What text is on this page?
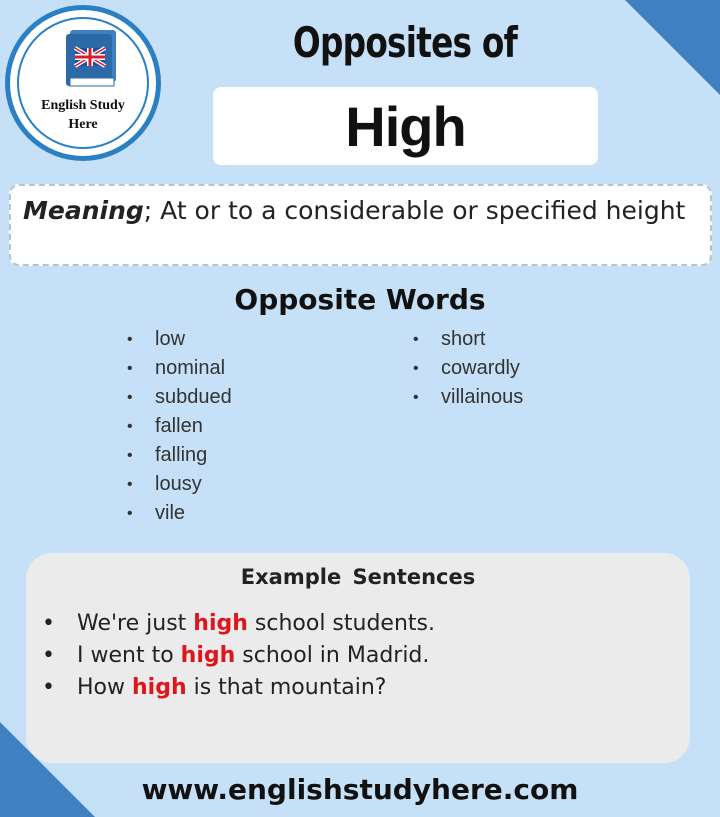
English Study
Here
Opposites of
High
Meaning; At or to a considerable or specified height
Opposite Words
• low
• nominal
• subdued
• fallen
• falling
• lousy
• vile
• short
• cowardly
• villainous
Example Sentences
• We're just high school students.
• I went to high school in Madrid.
• How high is that mountain?
www.englishstudyhere.com
